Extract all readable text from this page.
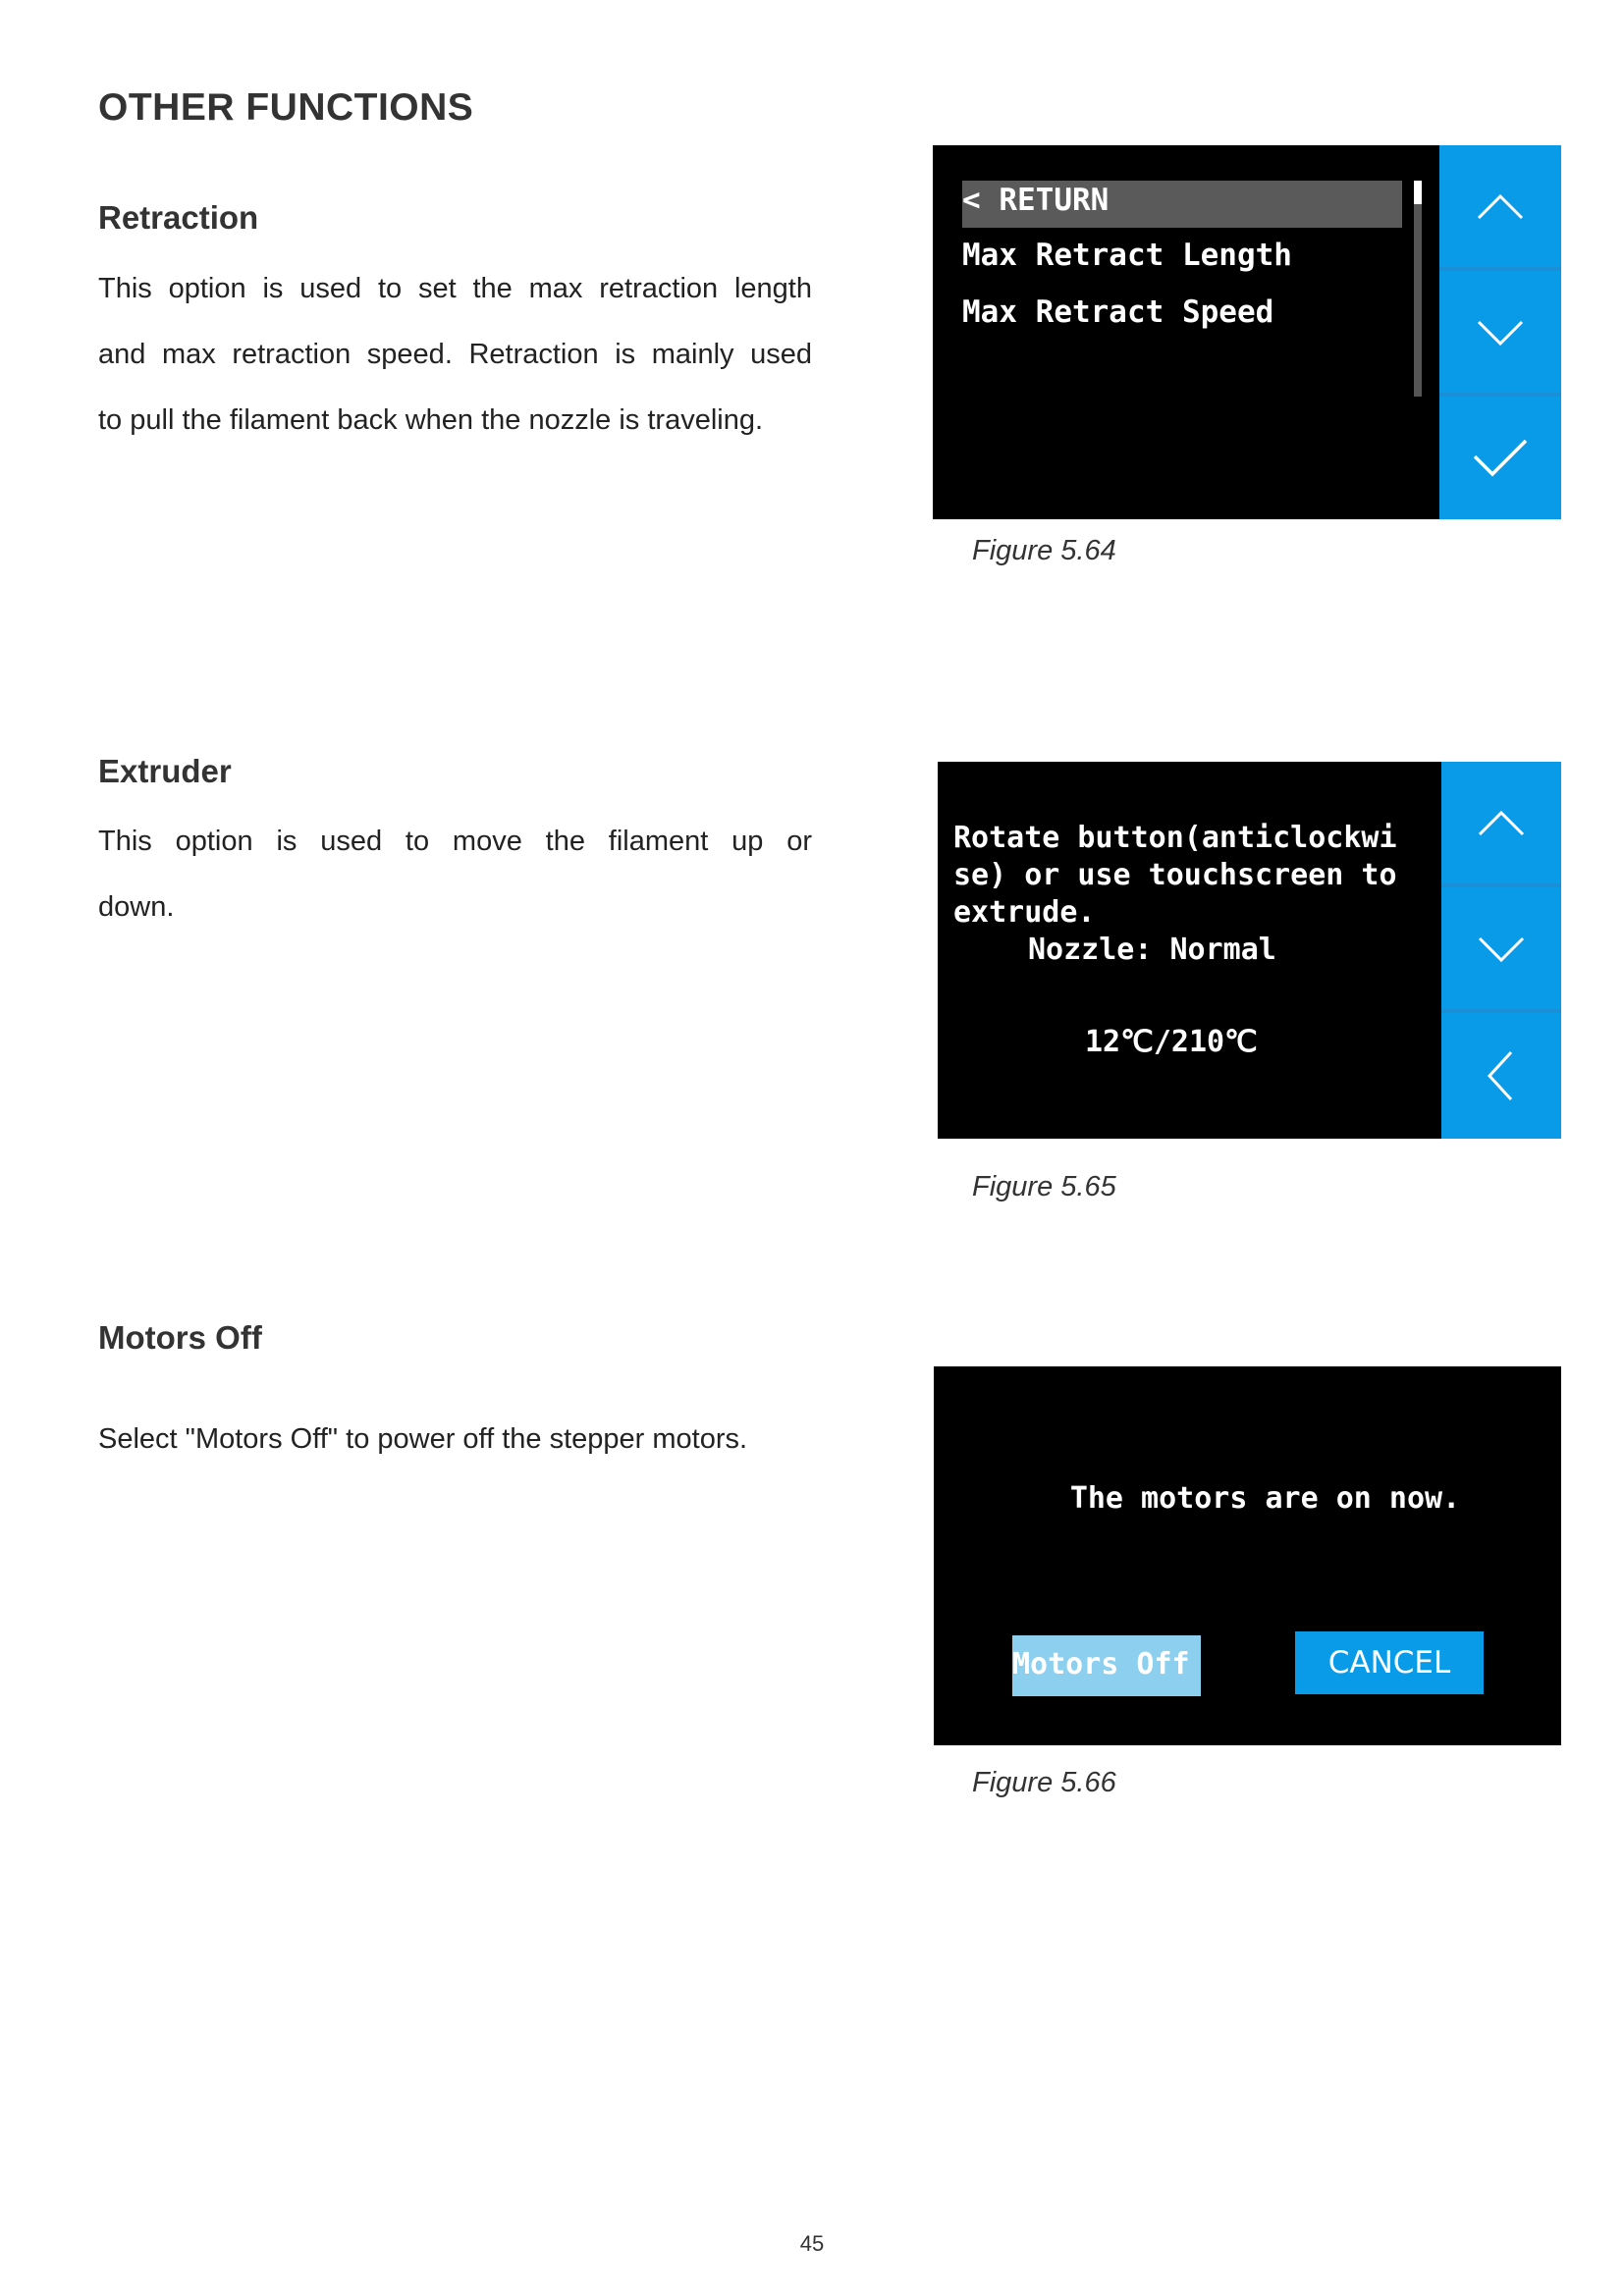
OTHER FUNCTIONS
Retraction
This option is used to set the max retraction length
and max retraction speed. Retraction is mainly used
to pull the filament back when the nozzle is traveling.
< RETURN
Max Retract Length
Max Retract Speed
Figure 5.64
Extruder
This option is used to move the filament up or
down.
Rotate button(anticlockwi
se) or use touchscreen to
extrude.
Nozzle: Normal
12℃/210℃
Figure 5.65
Motors Off
Select "Motors Off" to power off the stepper motors.
The motors are on now.
Motors Off	CANCEL
Figure 5.66
45
